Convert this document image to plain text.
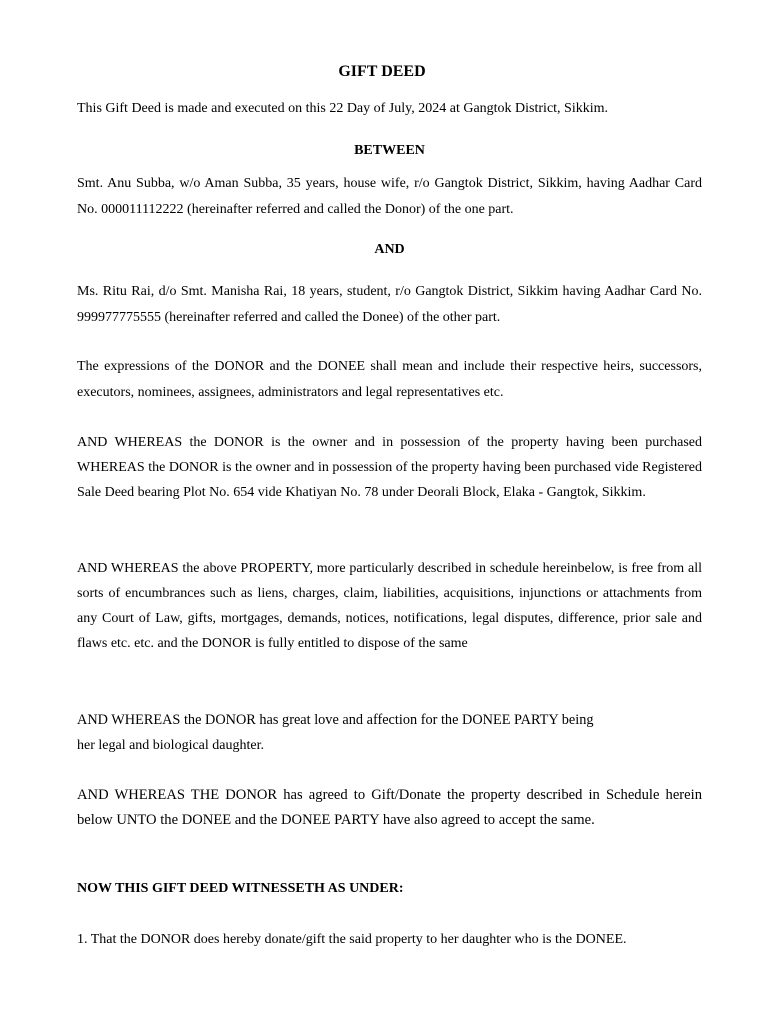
GIFT DEED

This Gift Deed is made and executed on this 22 Day of July, 2024 at Gangtok District, Sikkim.

BETWEEN

Smt. Anu Subba, w/o Aman Subba, 35 years, house wife, r/o Gangtok District, Sikkim, having Aadhar Card No. 000011112222 (hereinafter referred and called the Donor) of the one part.

AND

Ms. Ritu Rai, d/o Smt. Manisha Rai, 18 years, student, r/o Gangtok District, Sikkim having Aadhar Card No. 999977775555 (hereinafter referred and called the Donee) of the other part.

The expressions of the DONOR and the DONEE shall mean and include their respective heirs, successors, executors, nominees, assignees, administrators and legal representatives etc.

AND WHEREAS the DONOR is the owner and in possession of the property having been purchased WHEREAS the DONOR is the owner and in possession of the property having been purchased vide Registered Sale Deed bearing Plot No. 654 vide Khatiyan No. 78 under Deorali Block, Elaka - Gangtok, Sikkim.

AND WHEREAS the above PROPERTY, more particularly described in schedule hereinbelow, is free from all sorts of encumbrances such as liens, charges, claim, liabilities, acquisitions, injunctions or attachments from any Court of Law, gifts, mortgages, demands, notices, notifications, legal disputes, difference, prior sale and flaws etc. etc. and the DONOR is fully entitled to dispose of the same

AND WHEREAS the DONOR has great love and affection for the DONEE PARTY being

her legal and biological daughter.

AND WHEREAS THE DONOR has agreed to Gift/Donate the property described in Schedule herein below UNTO the DONEE and the DONEE PARTY have also agreed to accept the same.

NOW THIS GIFT DEED WITNESSETH AS UNDER:

1. That the DONOR does hereby donate/gift the said property to her daughter who is the DONEE.
